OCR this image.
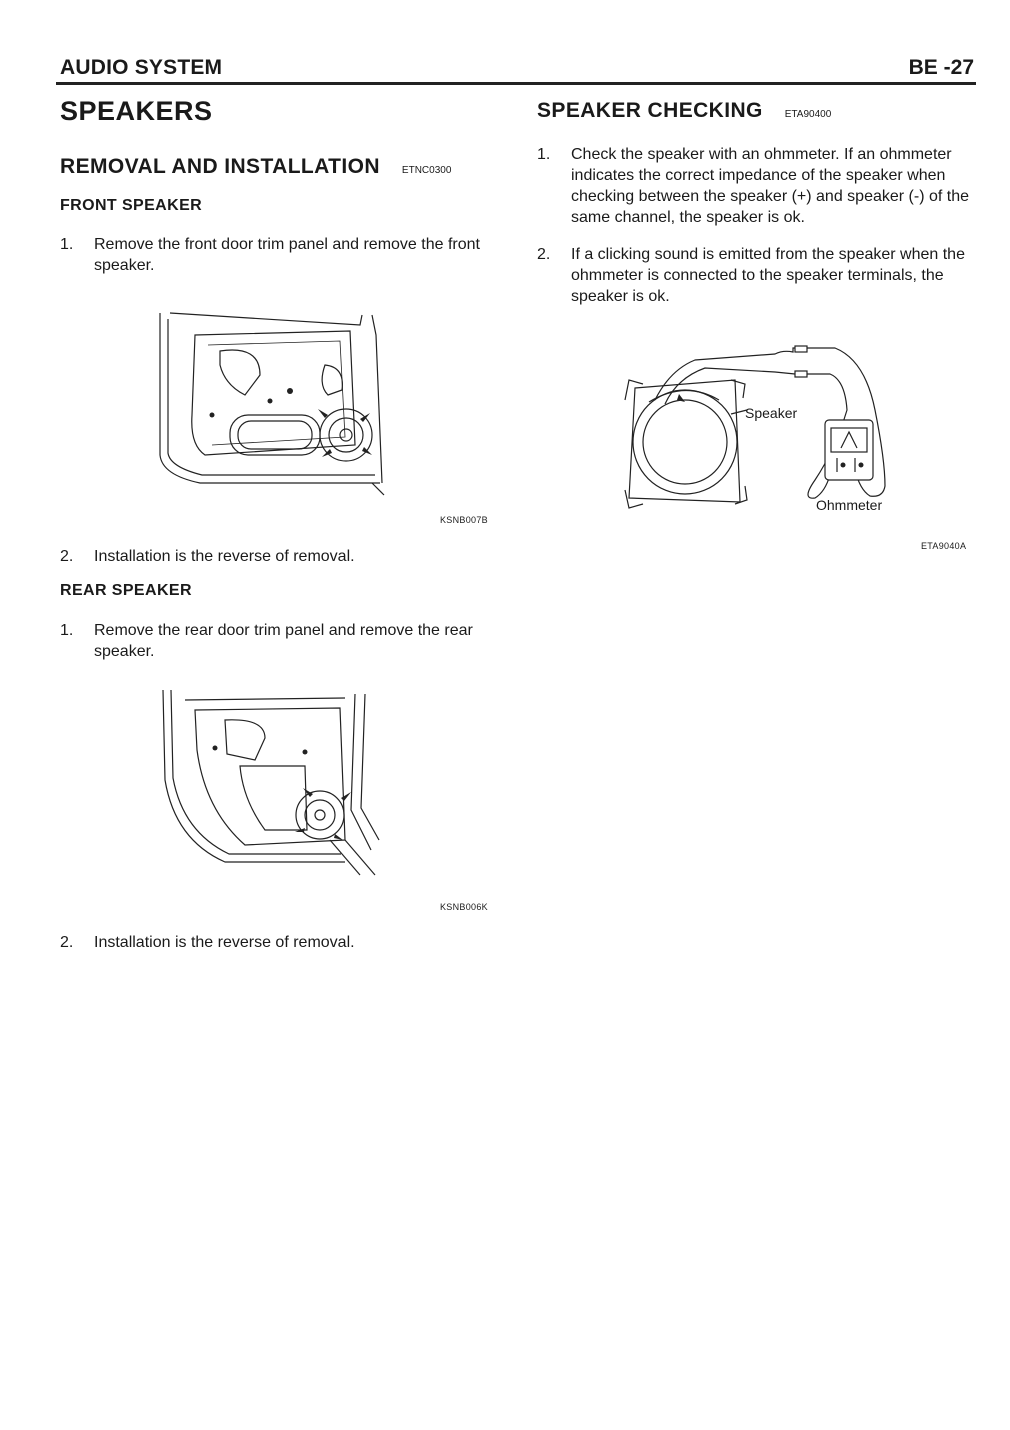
AUDIO SYSTEM	BE -27
SPEAKERS
REMOVAL AND INSTALLATION ETNC0300
FRONT SPEAKER
1. Remove the front door trim panel and remove the front speaker.
KSNB007B
2. Installation is the reverse of removal.
REAR SPEAKER
1. Remove the rear door trim panel and remove the rear speaker.
KSNB006K
2. Installation is the reverse of removal.
SPEAKER CHECKING ETA90400
1. Check the speaker with an ohmmeter. If an ohmmeter indicates the correct impedance of the speaker when checking between the speaker (+) and speaker (-) of the same channel, the speaker is ok.
2. If a clicking sound is emitted from the speaker when the ohmmeter is connected to the speaker terminals, the speaker is ok.
Speaker
Ohmmeter
ETA9040A
